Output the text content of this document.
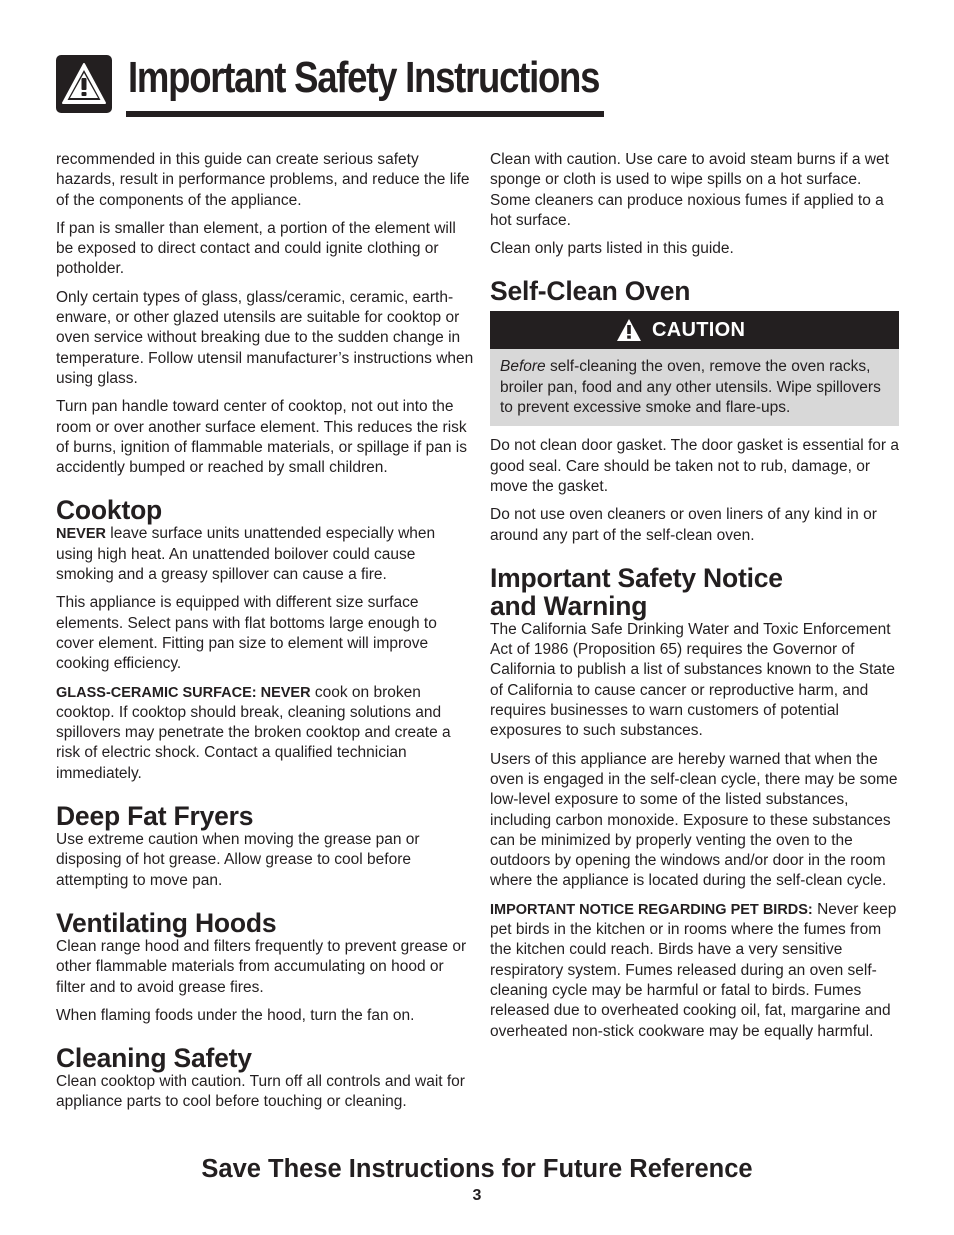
Important Safety Instructions

recommended in this guide can create serious safety hazards, result in performance problems, and reduce the life of the components of the appliance.

If pan is smaller than element, a portion of the element will be exposed to direct contact and could ignite clothing or potholder.

Only certain types of glass, glass/ceramic, ceramic, earth-enware, or other glazed utensils are suitable for cooktop or oven service without breaking due to the sudden change in temperature. Follow utensil manufacturer’s instructions when using glass.

Turn pan handle toward center of cooktop, not out into the room or over another surface element. This reduces the risk of burns, ignition of flammable materials, or spillage if pan is accidently bumped or reached by small children.

Cooktop

NEVER leave surface units unattended especially when using high heat. An unattended boilover could cause smoking and a greasy spillover can cause a fire.

This appliance is equipped with different size surface elements. Select pans with flat bottoms large enough to cover element. Fitting pan size to element will improve cooking efficiency.

GLASS-CERAMIC SURFACE: NEVER cook on broken cooktop. If cooktop should break, cleaning solutions and spillovers may penetrate the broken cooktop and create a risk of electric shock. Contact a qualified technician immediately.

Deep Fat Fryers

Use extreme caution when moving the grease pan or disposing of hot grease. Allow grease to cool before attempting to move pan.

Ventilating Hoods

Clean range hood and filters frequently to prevent grease or other flammable materials from accumulating on hood or filter and to avoid grease fires.

When flaming foods under the hood, turn the fan on.

Cleaning Safety

Clean cooktop with caution. Turn off all controls and wait for appliance parts to cool before touching or cleaning.

Clean with caution. Use care to avoid steam burns if a wet sponge or cloth is used to wipe spills on a hot surface. Some cleaners can produce noxious fumes if applied to a hot surface.

Clean only parts listed in this guide.

Self-Clean Oven
CAUTION

Before self-cleaning the oven, remove the oven racks, broiler pan, food and any other utensils. Wipe spillovers to prevent excessive smoke and flare-ups.

Do not clean door gasket. The door gasket is essential for a good seal. Care should be taken not to rub, damage, or move the gasket.

Do not use oven cleaners or oven liners of any kind in or around any part of the self-clean oven.

Important Safety Notice
and Warning

The California Safe Drinking Water and Toxic Enforcement Act of 1986 (Proposition 65) requires the Governor of California to publish a list of substances known to the State of California to cause cancer or reproductive harm, and requires businesses to warn customers of potential exposures to such substances.

Users of this appliance are hereby warned that when the oven is engaged in the self-clean cycle, there may be some low-level exposure to some of the listed substances, including carbon monoxide. Exposure to these substances can be minimized by properly venting the oven to the outdoors by opening the windows and/or door in the room where the appliance is located during the self-clean cycle.

IMPORTANT NOTICE REGARDING PET BIRDS: Never keep pet birds in the kitchen or in rooms where the fumes from the kitchen could reach. Birds have a very sensitive respiratory system. Fumes released during an oven self-cleaning cycle may be harmful or fatal to birds. Fumes released due to overheated cooking oil, fat, margarine and overheated non-stick cookware may be equally harmful.

Save These Instructions for Future Reference
3
